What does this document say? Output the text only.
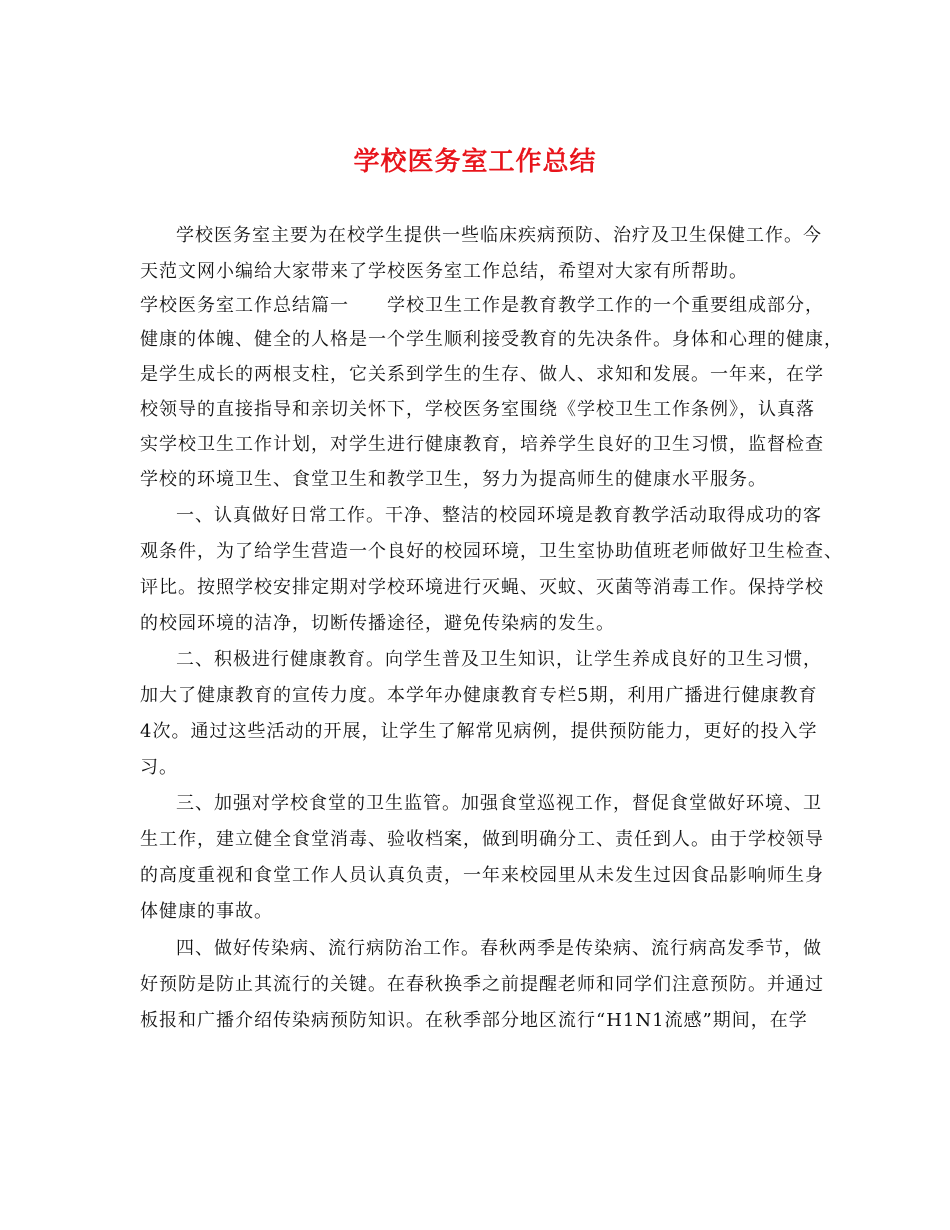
学校医务室工作总结
学校医务室主要为在校学生提供一些临床疾病预防、治疗及卫生保健工作。今
天范文网小编给大家带来了学校医务室工作总结，希望对大家有所帮助。
学校医务室工作总结篇一　　学校卫生工作是教育教学工作的一个重要组成部分，
健康的体魄、健全的人格是一个学生顺利接受教育的先决条件。身体和心理的健康，
是学生成长的两根支柱，它关系到学生的生存、做人、求知和发展。一年来，在学
校领导的直接指导和亲切关怀下，学校医务室围绕《学校卫生工作条例》，认真落
实学校卫生工作计划，对学生进行健康教育，培养学生良好的卫生习惯，监督检查
学校的环境卫生、食堂卫生和教学卫生，努力为提高师生的健康水平服务。
一、认真做好日常工作。干净、整洁的校园环境是教育教学活动取得成功的客
观条件，为了给学生营造一个良好的校园环境，卫生室协助值班老师做好卫生检查、
评比。按照学校安排定期对学校环境进行灭蝇、灭蚊、灭菌等消毒工作。保持学校
的校园环境的洁净，切断传播途径，避免传染病的发生。
二、积极进行健康教育。向学生普及卫生知识，让学生养成良好的卫生习惯，
加大了健康教育的宣传力度。本学年办健康教育专栏5期，利用广播进行健康教育
4次。通过这些活动的开展，让学生了解常见病例，提供预防能力，更好的投入学
习。
三、加强对学校食堂的卫生监管。加强食堂巡视工作，督促食堂做好环境、卫
生工作，建立健全食堂消毒、验收档案，做到明确分工、责任到人。由于学校领导
的高度重视和食堂工作人员认真负责，一年来校园里从未发生过因食品影响师生身
体健康的事故。
四、做好传染病、流行病防治工作。春秋两季是传染病、流行病高发季节，做
好预防是防止其流行的关键。在春秋换季之前提醒老师和同学们注意预防。并通过
板报和广播介绍传染病预防知识。在秋季部分地区流行“H1N1流感”期间，在学
